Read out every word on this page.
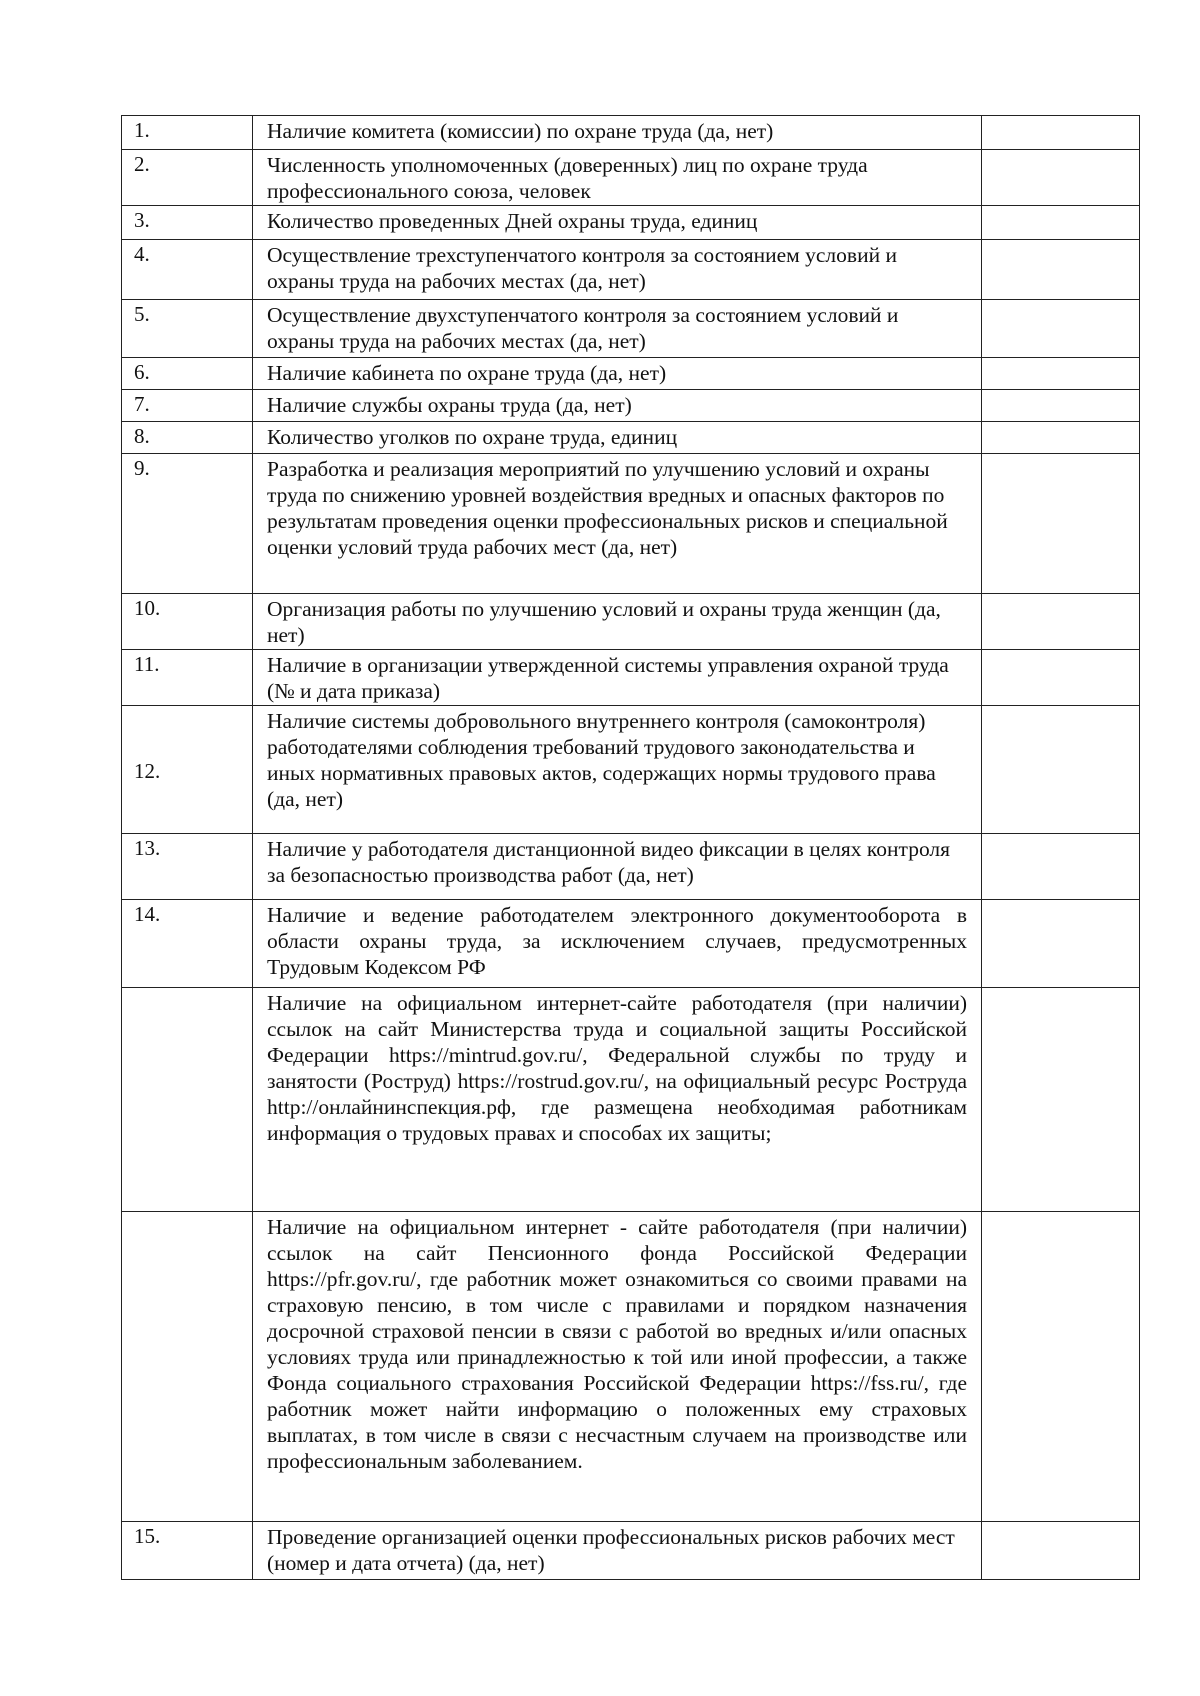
1.	Наличие комитета (комиссии) по охране труда (да, нет)	
2.	Численность уполномоченных (доверенных) лиц по охране труда профессионального союза, человек	
3.	Количество проведенных Дней охраны труда, единиц	
4.	Осуществление трехступенчатого контроля за состоянием условий и охраны труда на рабочих местах (да, нет)	
5.	Осуществление двухступенчатого контроля за состоянием условий и охраны труда на рабочих местах (да, нет)	
6.	Наличие кабинета по охране труда (да, нет)	
7.	Наличие службы охраны труда (да, нет)	
8.	Количество уголков по охране труда, единиц	
9.	Разработка и реализация мероприятий по улучшению условий и охраны труда по снижению уровней воздействия вредных и опасных факторов по результатам проведения оценки профессиональных рисков и специальной оценки условий труда рабочих мест (да, нет)	
10.	Организация работы по улучшению условий и охраны труда женщин (да, нет)	
11.	Наличие в организации утвержденной системы управления охраной труда (№ и дата приказа)	
12.	Наличие системы добровольного внутреннего контроля (самоконтроля) работодателями соблюдения требований трудового законодательства и иных нормативных правовых актов, содержащих нормы трудового права (да, нет)	
13.	Наличие у работодателя дистанционной видео фиксации в целях контроля за безопасностью производства работ (да, нет)	
14.	Наличие и ведение работодателем электронного документооборота в области охраны труда, за исключением случаев, предусмотренных Трудовым Кодексом РФ	
	Наличие на официальном интернет-сайте работодателя (при наличии) ссылок на сайт Министерства труда и социальной защиты Российской Федерации https://mintrud.gov.ru/, Федеральной службы по труду и занятости (Роструд) https://rostrud.gov.ru/, на официальный ресурс Роструда http://онлайнинспекция.рф, где размещена необходимая работникам информация о трудовых правах и способах их защиты;	
	Наличие на официальном интернет - сайте работодателя (при наличии) ссылок на сайт Пенсионного фонда Российской Федерации https://pfr.gov.ru/, где работник может ознакомиться со своими правами на страховую пенсию, в том числе с правилами и порядком назначения досрочной страховой пенсии в связи с работой во вредных и/или опасных условиях труда или принадлежностью к той или иной профессии, а также Фонда социального страхования Российской Федерации https://fss.ru/, где работник может найти информацию о положенных ему страховых выплатах, в том числе в связи с несчастным случаем на производстве или профессиональным заболеванием.	
15.	Проведение организацией оценки профессиональных рисков рабочих мест (номер и дата отчета) (да, нет)	
